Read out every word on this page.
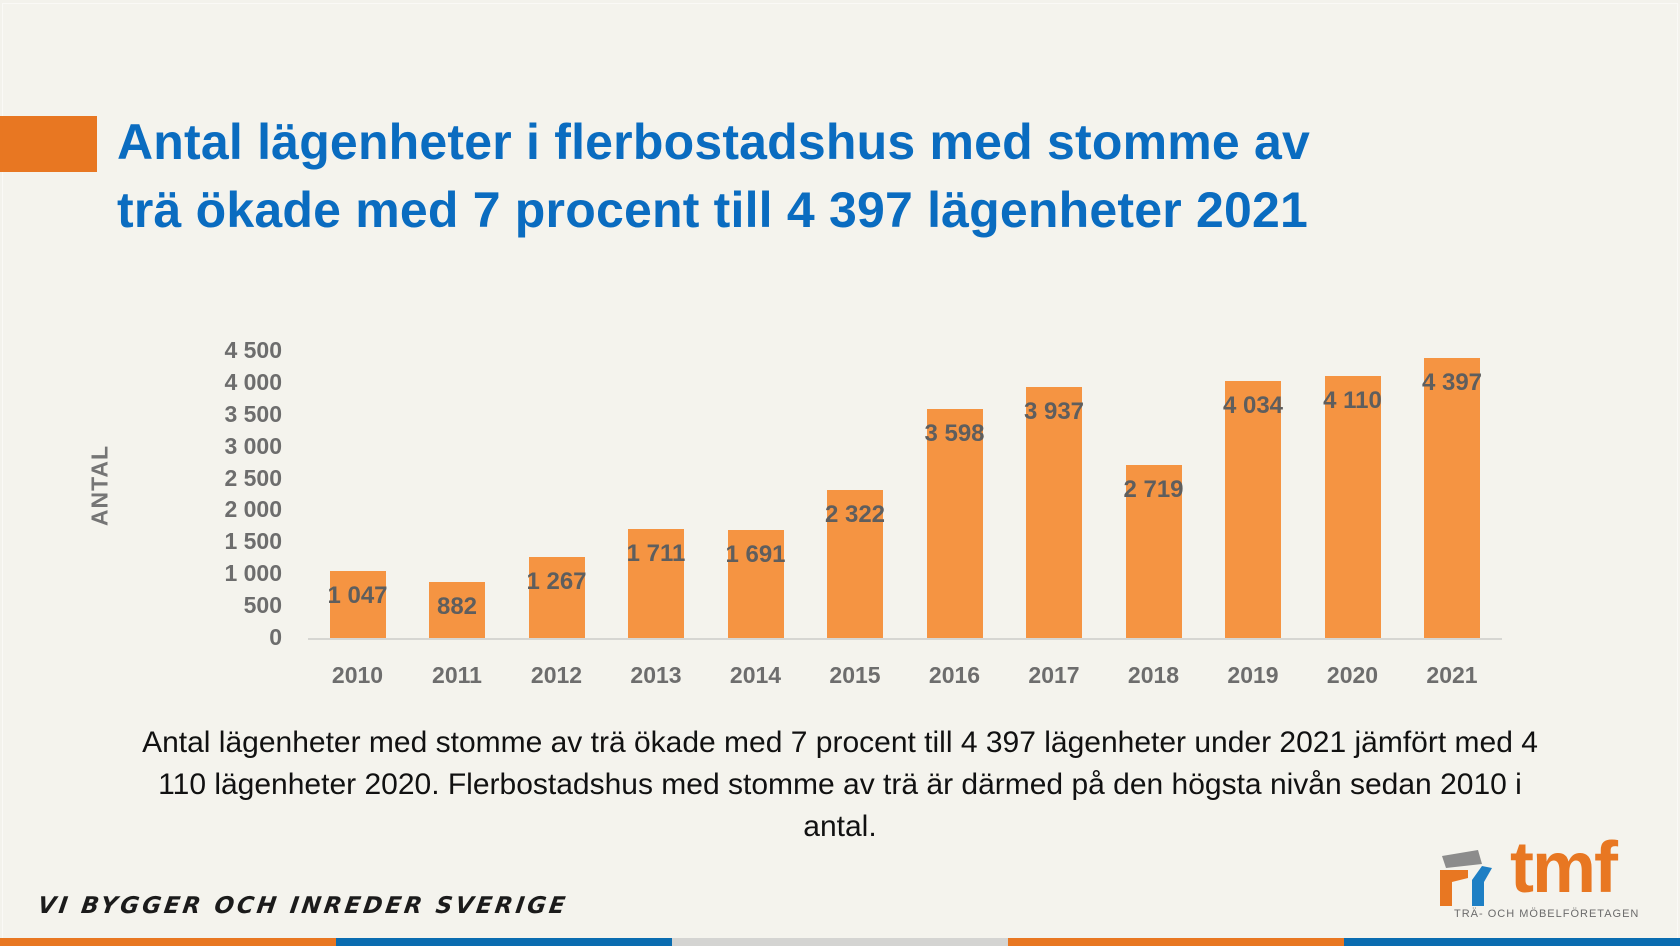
Antal lägenheter i flerbostadshus med stomme av
trä ökade med 7 procent till 4 397 lägenheter 2021
ANTAL
0
500
1 000
1 500
2 000
2 500
3 000
3 500
4 000
4 500
1 047	882
1 267
1 711	1 691
2 322
3 598
3 937
2 719
4 034	4 110
4 397
2010	2011	2012	2013	2014	2015	2016	2017	2018	2019	2020	2021
Antal lägenheter med stomme av trä ökade med 7 procent till 4 397 lägenheter under 2021 jämfört med 4 110 lägenheter 2020. Flerbostadshus med stomme av trä är därmed på den högsta nivån sedan 2010 i antal.
VI BYGGER OCH INREDER SVERIGE	tmf
TRÄ- OCH MÖBELFÖRETAGEN
